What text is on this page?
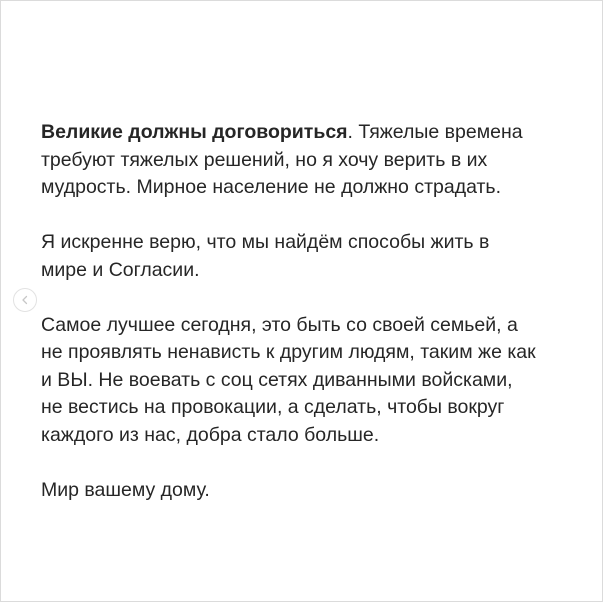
Великие должны договориться. Тяжелые времена
требуют тяжелых решений, но я хочу верить в их
мудрость. Мирное население не должно страдать.

Я искренне верю, что мы найдём способы жить в
мире и Согласии.

Самое лучшее сегодня, это быть со своей семьей, а
не проявлять ненависть к другим людям, таким же как
и ВЫ. Не воевать с соц сетях диванными войсками,
не вестись на провокации, а сделать, чтобы вокруг
каждого из нас, добра стало больше.

Мир вашему дому.
